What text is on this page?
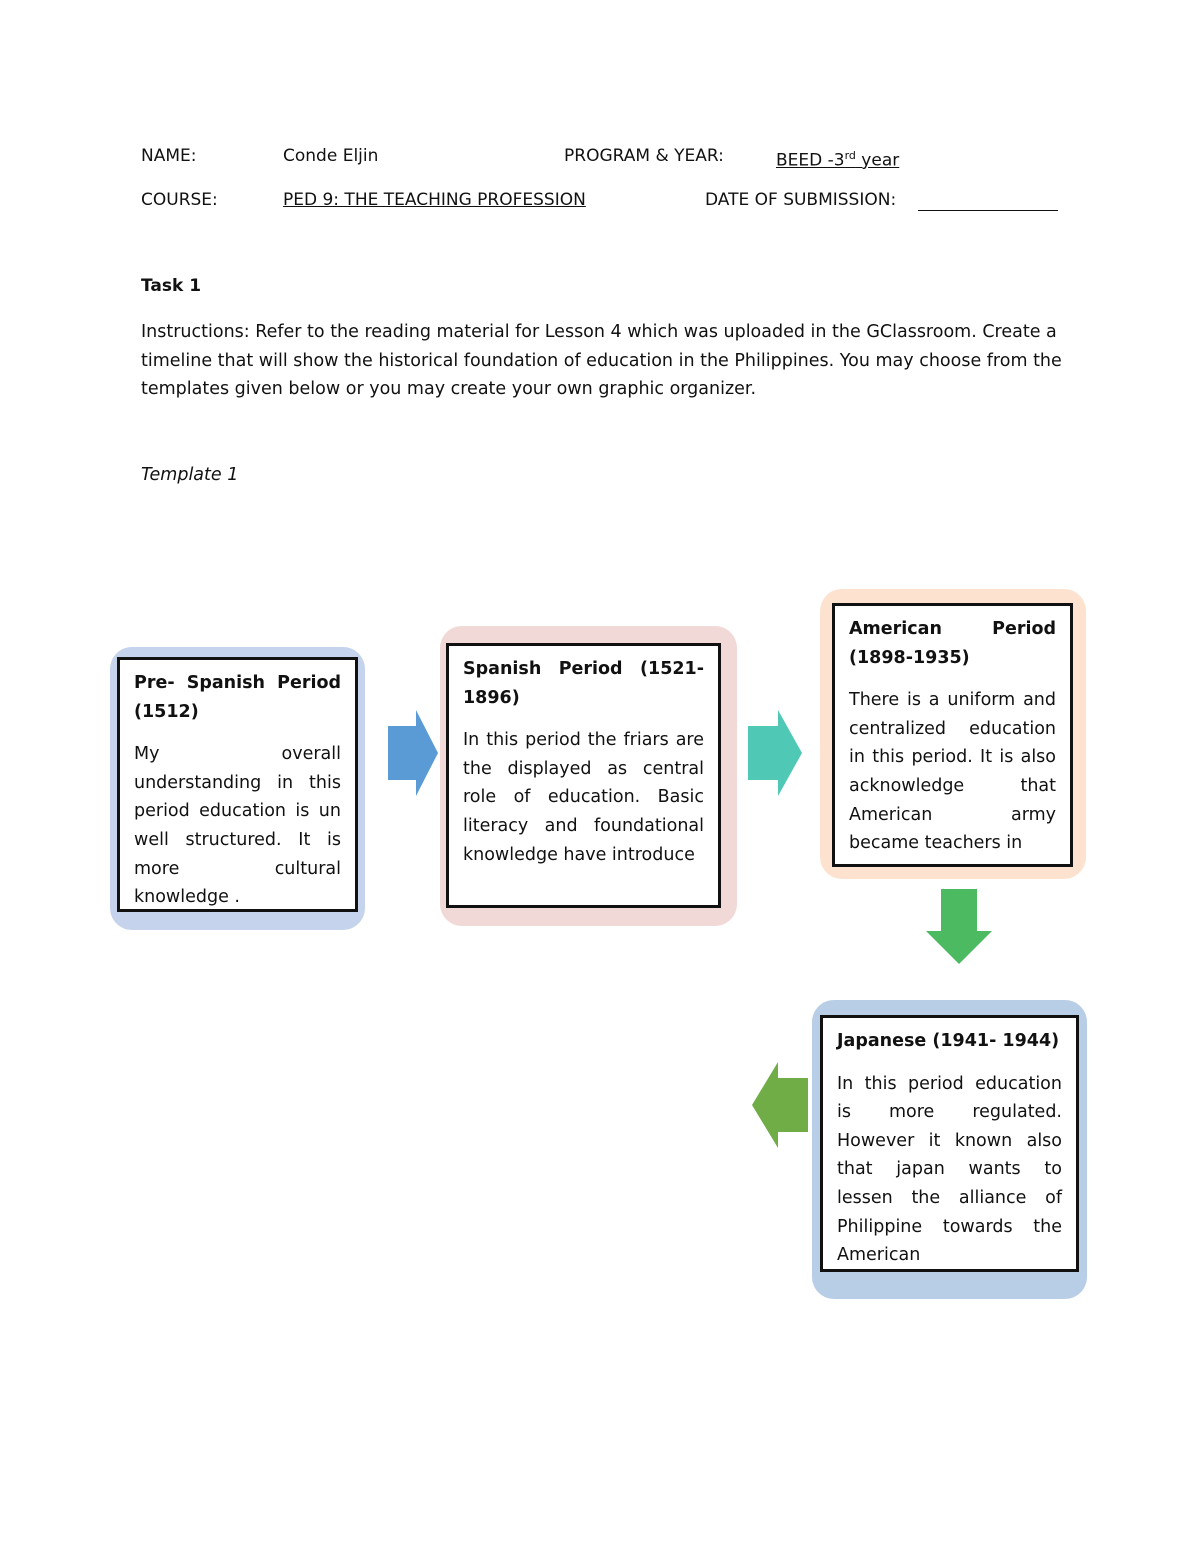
NAME:	Conde Eljin	PROGRAM & YEAR:	BEED -3rd year
COURSE:	PED 9: THE TEACHING PROFESSION	DATE OF SUBMISSION:
Task 1
Instructions: Refer to the reading material for Lesson 4 which was uploaded in the GClassroom. Create a timeline that will show the historical foundation of education in the Philippines. You may choose from the templates given below or you may create your own graphic organizer.
Template 1
Pre- Spanish Period (1512)
My overall understanding in this period education is un well structured. It is more cultural knowledge .
Spanish Period (1521-1896)
In this period the friars are the displayed as central role of education. Basic literacy and foundational knowledge have introduce
American Period (1898-1935)
There is a uniform and centralized education in this period. It is also acknowledge that American army became teachers in
Japanese (1941- 1944)
In this period education is more regulated. However it known also that japan wants to lessen the alliance of Philippine towards the American
